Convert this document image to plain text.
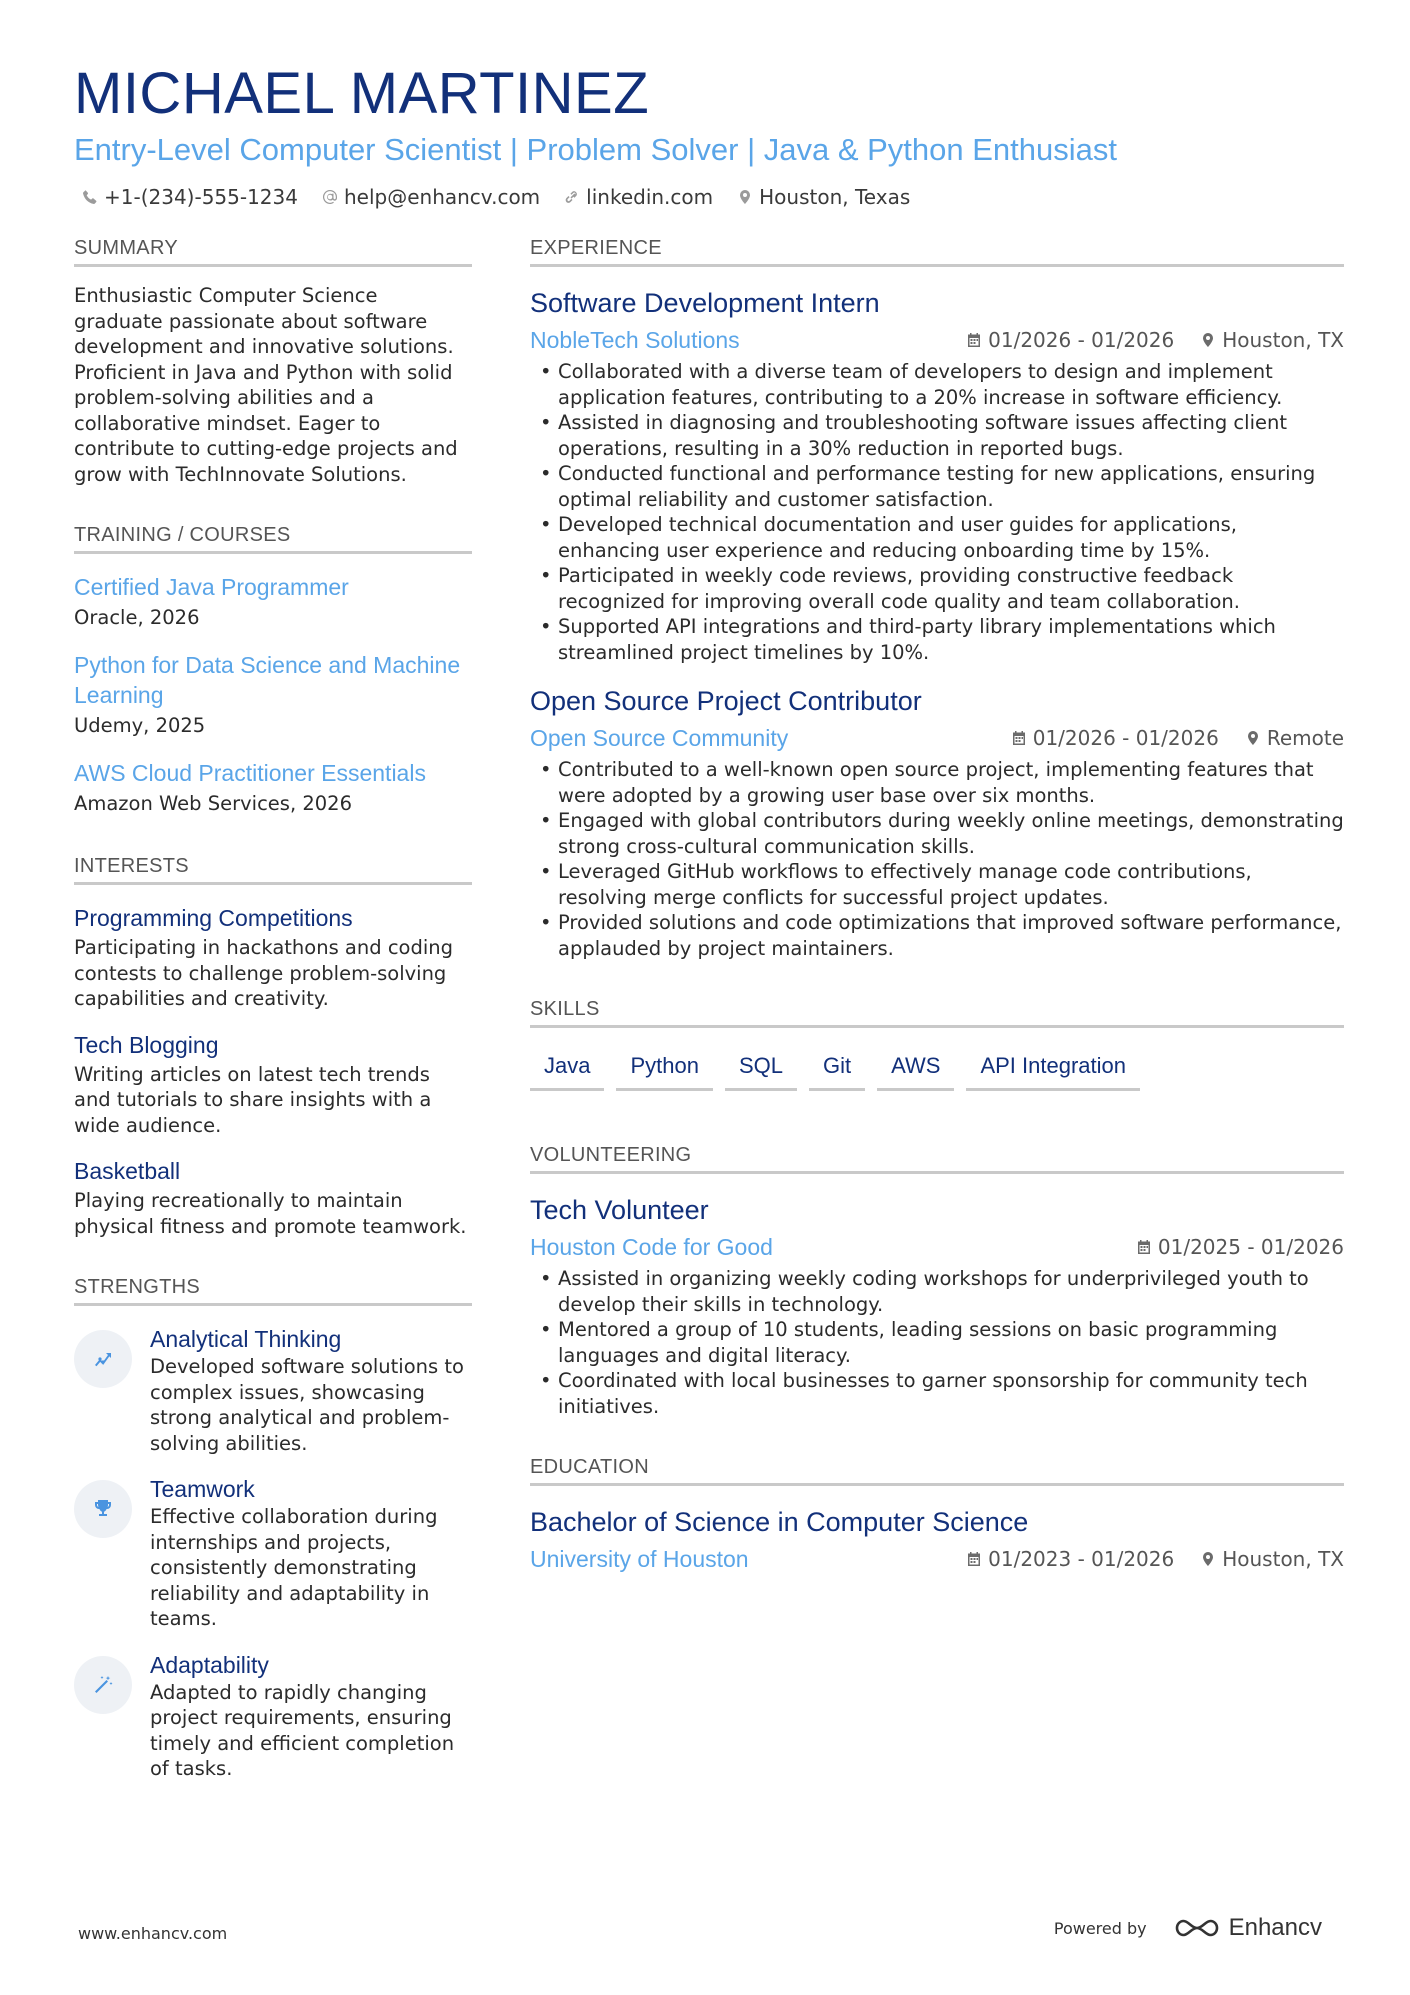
MICHAEL MARTINEZ
Entry-Level Computer Scientist | Problem Solver | Java & Python Enthusiast
+1-(234)-555-1234 help@enhancv.com linkedin.com Houston, Texas
SUMMARY
Enthusiastic Computer Science graduate passionate about software development and innovative solutions. Proficient in Java and Python with solid problem-solving abilities and a collaborative mindset. Eager to contribute to cutting-edge projects and grow with TechInnovate Solutions.
TRAINING / COURSES
Certified Java Programmer
Oracle, 2026
Python for Data Science and Machine Learning
Udemy, 2025
AWS Cloud Practitioner Essentials
Amazon Web Services, 2026
INTERESTS
Programming Competitions
Participating in hackathons and coding contests to challenge problem-solving capabilities and creativity.
Tech Blogging
Writing articles on latest tech trends and tutorials to share insights with a wide audience.
Basketball
Playing recreationally to maintain physical fitness and promote teamwork.
STRENGTHS
Analytical Thinking
Developed software solutions to complex issues, showcasing strong analytical and problem-solving abilities.
Teamwork
Effective collaboration during internships and projects, consistently demonstrating reliability and adaptability in teams.
Adaptability
Adapted to rapidly changing project requirements, ensuring timely and efficient completion of tasks.
EXPERIENCE
Software Development Intern
NobleTech Solutions	01/2026 - 01/2026 Houston, TX
• Collaborated with a diverse team of developers to design and implement application features, contributing to a 20% increase in software efficiency.
• Assisted in diagnosing and troubleshooting software issues affecting client operations, resulting in a 30% reduction in reported bugs.
• Conducted functional and performance testing for new applications, ensuring optimal reliability and customer satisfaction.
• Developed technical documentation and user guides for applications, enhancing user experience and reducing onboarding time by 15%.
• Participated in weekly code reviews, providing constructive feedback recognized for improving overall code quality and team collaboration.
• Supported API integrations and third-party library implementations which streamlined project timelines by 10%.
Open Source Project Contributor
Open Source Community	01/2026 - 01/2026 Remote
• Contributed to a well-known open source project, implementing features that were adopted by a growing user base over six months.
• Engaged with global contributors during weekly online meetings, demonstrating strong cross-cultural communication skills.
• Leveraged GitHub workflows to effectively manage code contributions, resolving merge conflicts for successful project updates.
• Provided solutions and code optimizations that improved software performance, applauded by project maintainers.
SKILLS
Java	Python	SQL	Git	AWS	API Integration
VOLUNTEERING
Tech Volunteer
Houston Code for Good	01/2025 - 01/2026
• Assisted in organizing weekly coding workshops for underprivileged youth to develop their skills in technology.
• Mentored a group of 10 students, leading sessions on basic programming languages and digital literacy.
• Coordinated with local businesses to garner sponsorship for community tech initiatives.
EDUCATION
Bachelor of Science in Computer Science
University of Houston	01/2023 - 01/2026 Houston, TX
www.enhancv.com	Powered by	Enhancv
